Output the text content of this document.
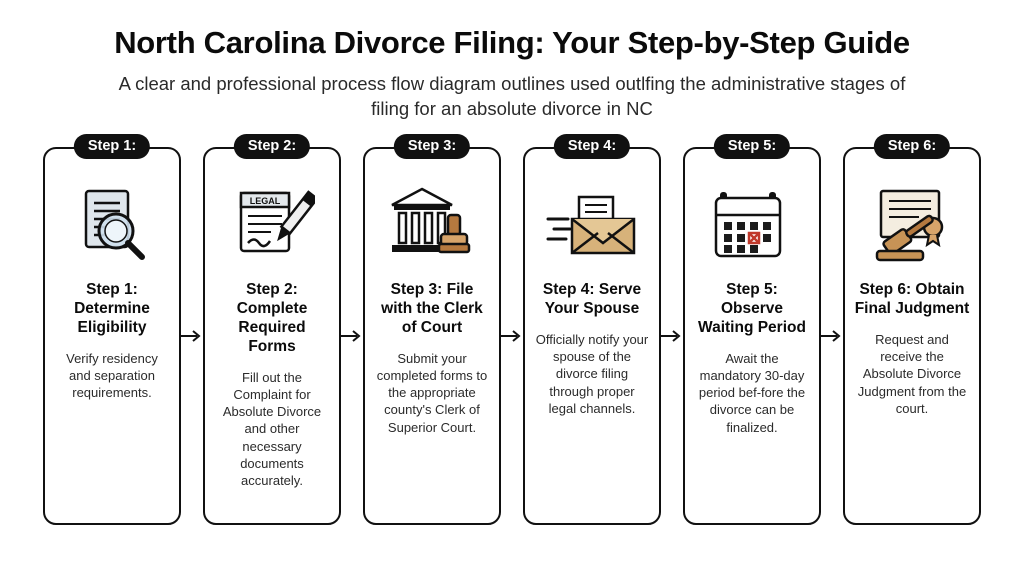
North Carolina Divorce Filing: Your Step-by-Step Guide

A clear and professional process flow diagram outlines used outlfing the administrative stages of filing for an absolute divorce in NC

Step 1:
Step 1: Determine Eligibility
Verify residency and separation requirements.
Step 2:
LEGAL
Step 2: Complete Required Forms
Fill out the Complaint for Absolute Divorce and other necessary documents accurately.
Step 3:
Step 3: File with the Clerk of Court
Submit your completed forms to the appropriate county's Clerk of Superior Court.
Step 4:
Step 4: Serve Your Spouse
Officially notify your spouse of the divorce filing through proper legal channels.
Step 5:
Step 5: Observe Waiting Period
Await the mandatory 30-day period bef-fore the divorce can be finalized.
Step 6:
Step 6: Obtain Final Judgment
Request and receive the Absolute Divorce Judgment from the court.
